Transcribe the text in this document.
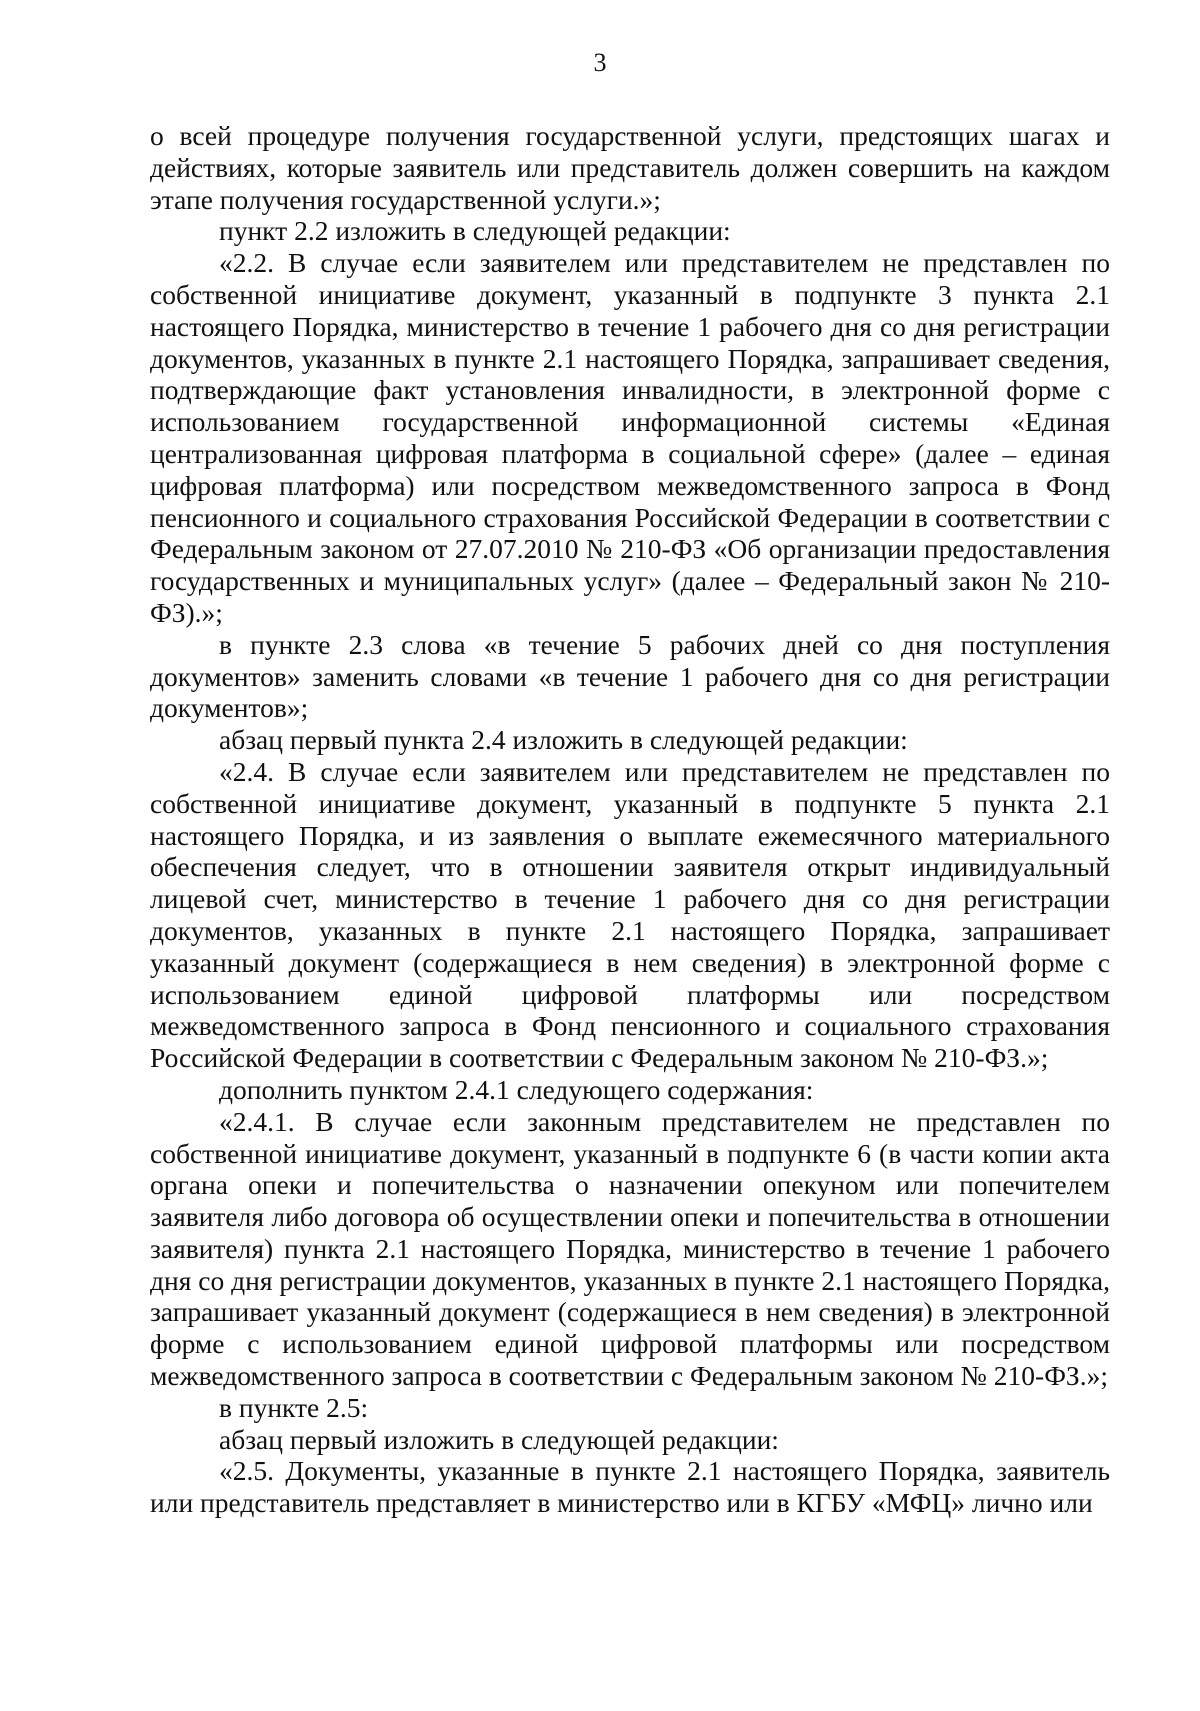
3

о всей процедуре получения государственной услуги, предстоящих шагах и действиях, которые заявитель или представитель должен совершить на каждом этапе получения государственной услуги.»;

пункт 2.2 изложить в следующей редакции:

«2.2. В случае если заявителем или представителем не представлен по собственной инициативе документ, указанный в подпункте 3 пункта 2.1 настоящего Порядка, министерство в течение 1 рабочего дня со дня регистрации документов, указанных в пункте 2.1 настоящего Порядка, запрашивает сведения, подтверждающие факт установления инвалидности, в электронной форме с использованием государственной информационной системы «Единая централизованная цифровая платформа в социальной сфере» (далее – единая цифровая платформа) или посредством межведомственного запроса в Фонд пенсионного и социального страхования Российской Федерации в соответствии с Федеральным законом от 27.07.2010 № 210-ФЗ «Об организации предоставления государственных и муниципальных услуг» (далее – Федеральный закон № 210-ФЗ).»;

в пункте 2.3 слова «в течение 5 рабочих дней со дня поступления документов» заменить словами «в течение 1 рабочего дня со дня регистрации документов»;

абзац первый пункта 2.4 изложить в следующей редакции:

«2.4. В случае если заявителем или представителем не представлен по собственной инициативе документ, указанный в подпункте 5 пункта 2.1 настоящего Порядка, и из заявления о выплате ежемесячного материального обеспечения следует, что в отношении заявителя открыт индивидуальный лицевой счет, министерство в течение 1 рабочего дня со дня регистрации документов, указанных в пункте 2.1 настоящего Порядка, запрашивает указанный документ (содержащиеся в нем сведения) в электронной форме с использованием единой цифровой платформы или посредством межведомственного запроса в Фонд пенсионного и социального страхования Российской Федерации в соответствии с Федеральным законом № 210-ФЗ.»;

дополнить пунктом 2.4.1 следующего содержания:

«2.4.1. В случае если законным представителем не представлен по собственной инициативе документ, указанный в подпункте 6 (в части копии акта органа опеки и попечительства о назначении опекуном или попечителем заявителя либо договора об осуществлении опеки и попечительства в отношении заявителя) пункта 2.1 настоящего Порядка, министерство в течение 1 рабочего дня со дня регистрации документов, указанных в пункте 2.1 настоящего Порядка, запрашивает указанный документ (содержащиеся в нем сведения) в электронной форме с использованием единой цифровой платформы или посредством межведомственного запроса в соответствии с Федеральным законом № 210-ФЗ.»;

в пункте 2.5:

абзац первый изложить в следующей редакции:

«2.5. Документы, указанные в пункте 2.1 настоящего Порядка, заявитель или представитель представляет в министерство или в КГБУ «МФЦ» лично или
